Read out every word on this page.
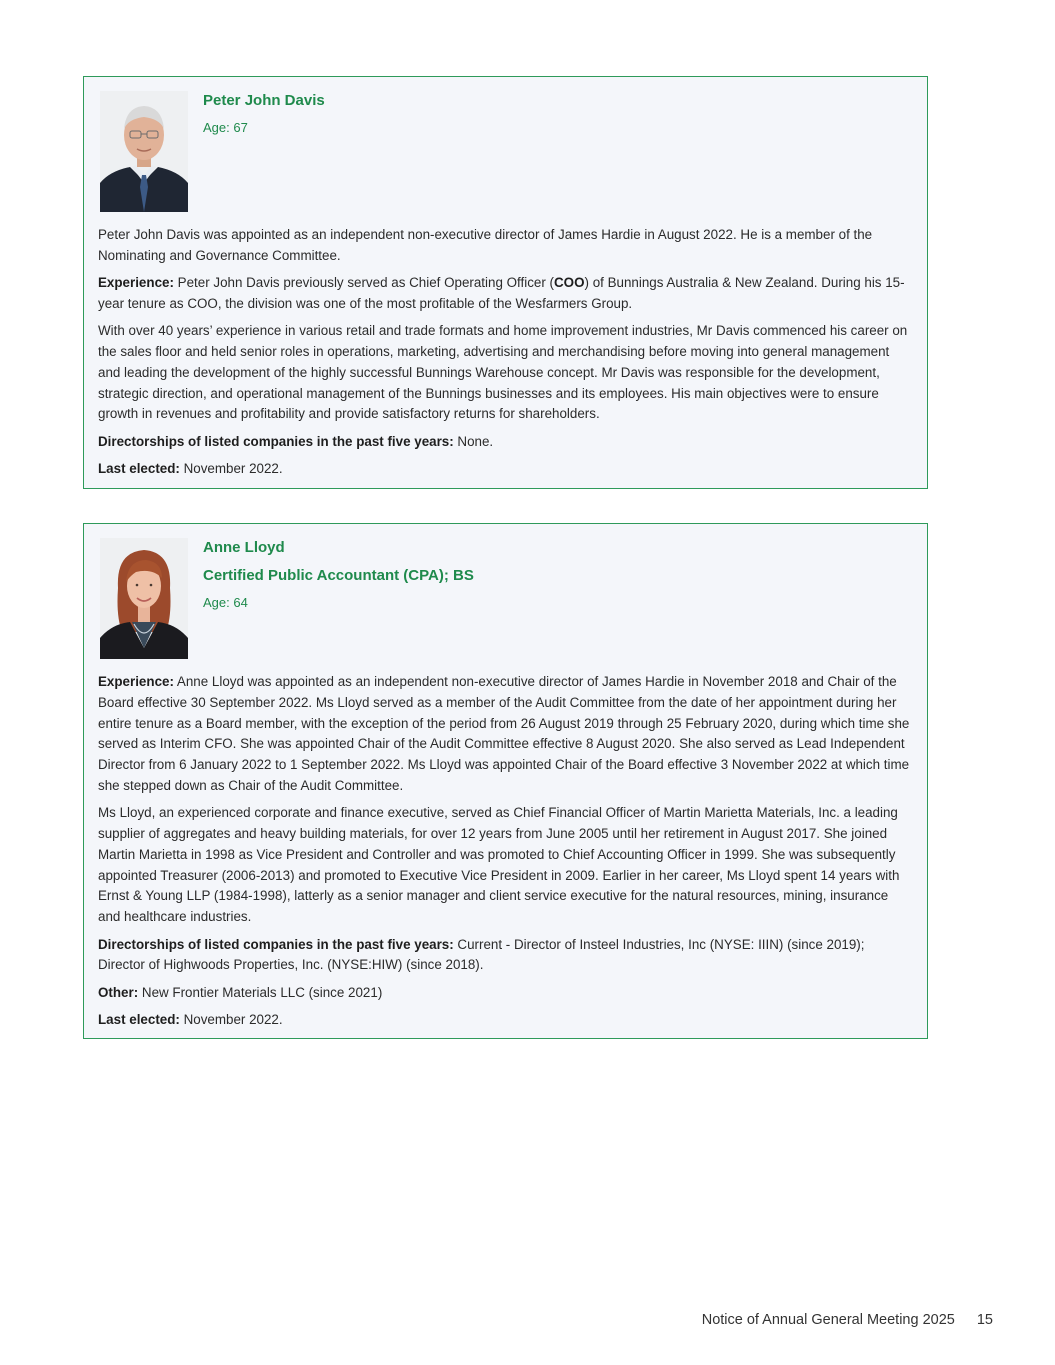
Peter John Davis
Age: 67

Peter John Davis was appointed as an independent non-executive director of James Hardie in August 2022. He is a member of the Nominating and Governance Committee.

Experience: Peter John Davis previously served as Chief Operating Officer (COO) of Bunnings Australia & New Zealand. During his 15-year tenure as COO, the division was one of the most profitable of the Wesfarmers Group.

With over 40 years’ experience in various retail and trade formats and home improvement industries, Mr Davis commenced his career on the sales floor and held senior roles in operations, marketing, advertising and merchandising before moving into general management and leading the development of the highly successful Bunnings Warehouse concept. Mr Davis was responsible for the development, strategic direction, and operational management of the Bunnings businesses and its employees. His main objectives were to ensure growth in revenues and profitability and provide satisfactory returns for shareholders.

Directorships of listed companies in the past five years: None.

Last elected: November 2022.

Anne Lloyd
Certified Public Accountant (CPA); BS
Age: 64

Experience: Anne Lloyd was appointed as an independent non-executive director of James Hardie in November 2018 and Chair of the Board effective 30 September 2022. Ms Lloyd served as a member of the Audit Committee from the date of her appointment during her entire tenure as a Board member, with the exception of the period from 26 August 2019 through 25 February 2020, during which time she served as Interim CFO. She was appointed Chair of the Audit Committee effective 8 August 2020. She also served as Lead Independent Director from 6 January 2022 to 1 September 2022. Ms Lloyd was appointed Chair of the Board effective 3 November 2022 at which time she stepped down as Chair of the Audit Committee.

Ms Lloyd, an experienced corporate and finance executive, served as Chief Financial Officer of Martin Marietta Materials, Inc. a leading supplier of aggregates and heavy building materials, for over 12 years from June 2005 until her retirement in August 2017. She joined Martin Marietta in 1998 as Vice President and Controller and was promoted to Chief Accounting Officer in 1999. She was subsequently appointed Treasurer (2006-2013) and promoted to Executive Vice President in 2009. Earlier in her career, Ms Lloyd spent 14 years with Ernst & Young LLP (1984-1998), latterly as a senior manager and client service executive for the natural resources, mining, insurance and healthcare industries.

Directorships of listed companies in the past five years: Current - Director of Insteel Industries, Inc (NYSE: IIIN) (since 2019); Director of Highwoods Properties, Inc. (NYSE:HIW) (since 2018).

Other: New Frontier Materials LLC (since 2021)

Last elected: November 2022.

Notice of Annual General Meeting 2025 15
